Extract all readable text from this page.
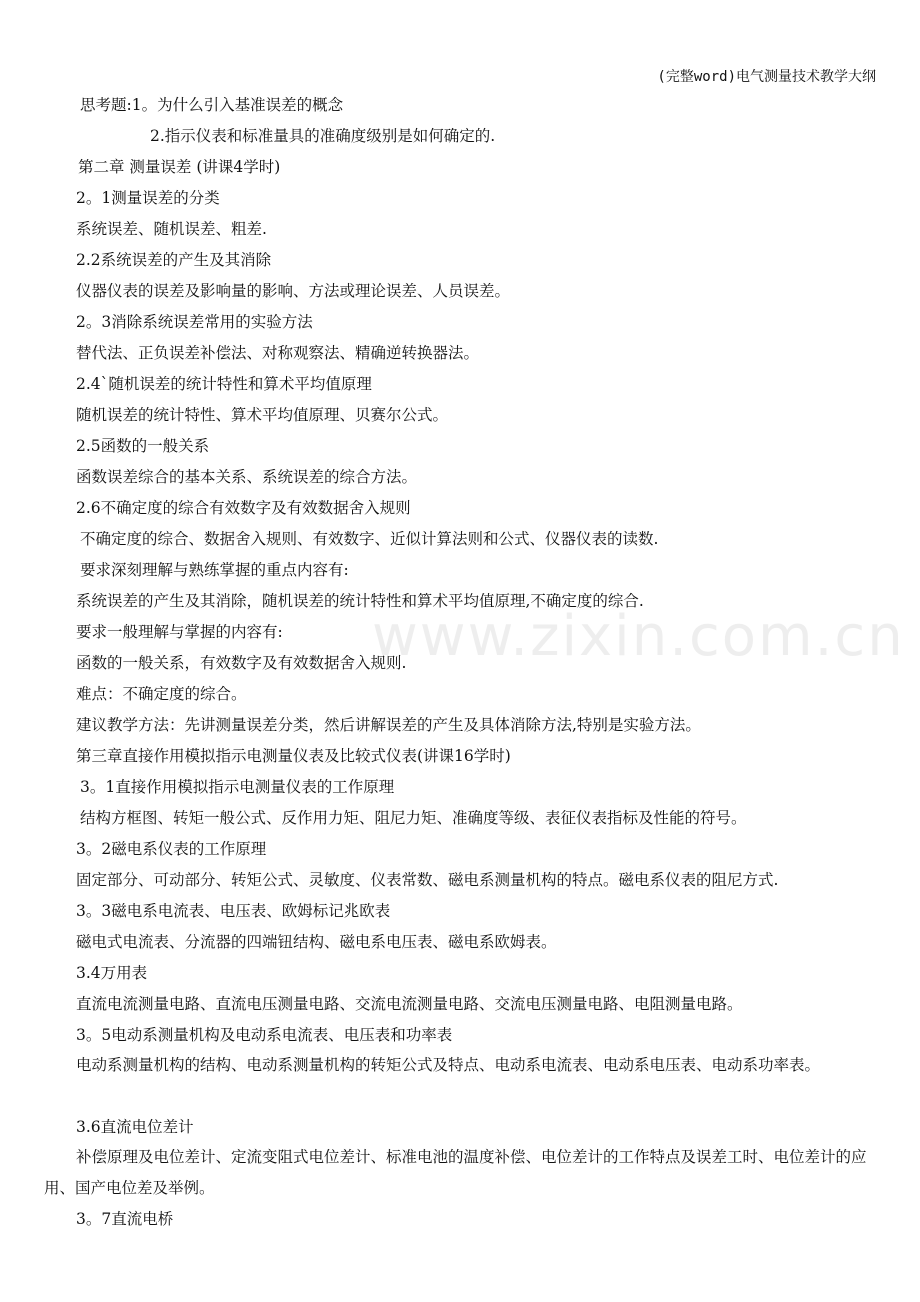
(完整word)电气测量技术教学大纲
www.zixin.com.cn
思考题:1。为什么引入基准误差的概念
2.指示仪表和标准量具的准确度级别是如何确定的.
第二章 测量误差 (讲课4学时)
2。1测量误差的分类
系统误差、随机误差、粗差.
2.2系统误差的产生及其消除
仪器仪表的误差及影响量的影响、方法或理论误差、人员误差。
2。3消除系统误差常用的实验方法
替代法、正负误差补偿法、对称观察法、精确逆转换器法。
2.4`随机误差的统计特性和算术平均值原理
随机误差的统计特性、算术平均值原理、贝赛尔公式。
2.5函数的一般关系
函数误差综合的基本关系、系统误差的综合方法。
2.6不确定度的综合有效数字及有效数据舍入规则
不确定度的综合、数据舍入规则、有效数字、近似计算法则和公式、仪器仪表的读数.
要求深刻理解与熟练掌握的重点内容有:
系统误差的产生及其消除，随机误差的统计特性和算术平均值原理,不确定度的综合.
要求一般理解与掌握的内容有:
函数的一般关系，有效数字及有效数据舍入规则.
难点：不确定度的综合。
建议教学方法：先讲测量误差分类，然后讲解误差的产生及具体消除方法,特别是实验方法。
第三章直接作用模拟指示电测量仪表及比较式仪表(讲课16学时)
3。1直接作用模拟指示电测量仪表的工作原理
结构方框图、转矩一般公式、反作用力矩、阻尼力矩、准确度等级、表征仪表指标及性能的符号。
3。2磁电系仪表的工作原理
固定部分、可动部分、转矩公式、灵敏度、仪表常数、磁电系测量机构的特点。磁电系仪表的阻尼方式.
3。3磁电系电流表、电压表、欧姆标记兆欧表
磁电式电流表、分流器的四端钮结构、磁电系电压表、磁电系欧姆表。
3.4万用表
直流电流测量电路、直流电压测量电路、交流电流测量电路、交流电压测量电路、电阻测量电路。
3。5电动系测量机构及电动系电流表、电压表和功率表
电动系测量机构的结构、电动系测量机构的转矩公式及特点、电动系电流表、电动系电压表、电动系功率表。
3.6直流电位差计
补偿原理及电位差计、定流变阻式电位差计、标准电池的温度补偿、电位差计的工作特点及误差工时、电位差计的应用、国产电位差及举例。
3。7直流电桥
